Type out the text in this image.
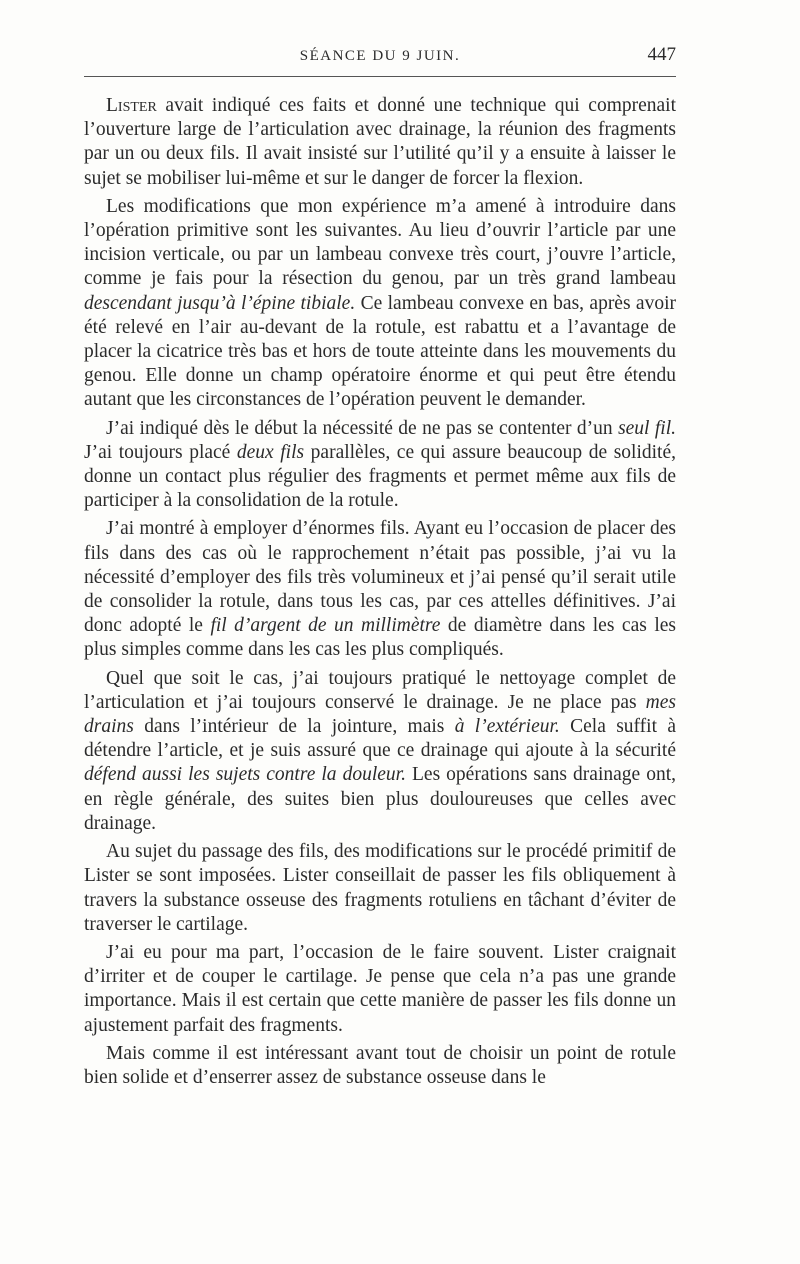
SÉANCE DU 9 JUIN.	447

Lister avait indiqué ces faits et donné une technique qui comprenait l’ouverture large de l’articulation avec drainage, la réunion des fragments par un ou deux fils. Il avait insisté sur l’utilité qu’il y a ensuite à laisser le sujet se mobiliser lui-même et sur le danger de forcer la flexion.

Les modifications que mon expérience m’a amené à introduire dans l’opération primitive sont les suivantes. Au lieu d’ouvrir l’article par une incision verticale, ou par un lambeau convexe très court, j’ouvre l’article, comme je fais pour la résection du genou, par un très grand lambeau descendant jusqu’à l’épine tibiale. Ce lambeau convexe en bas, après avoir été relevé en l’air au-devant de la rotule, est rabattu et a l’avantage de placer la cicatrice très bas et hors de toute atteinte dans les mouvements du genou. Elle donne un champ opératoire énorme et qui peut être étendu autant que les circonstances de l’opération peuvent le demander.

J’ai indiqué dès le début la nécessité de ne pas se contenter d’un seul fil. J’ai toujours placé deux fils parallèles, ce qui assure beaucoup de solidité, donne un contact plus régulier des fragments et permet même aux fils de participer à la consolidation de la rotule.

J’ai montré à employer d’énormes fils. Ayant eu l’occasion de placer des fils dans des cas où le rapprochement n’était pas possible, j’ai vu la nécessité d’employer des fils très volumineux et j’ai pensé qu’il serait utile de consolider la rotule, dans tous les cas, par ces attelles définitives. J’ai donc adopté le fil d’argent de un millimètre de diamètre dans les cas les plus simples comme dans les cas les plus compliqués.

Quel que soit le cas, j’ai toujours pratiqué le nettoyage complet de l’articulation et j’ai toujours conservé le drainage. Je ne place pas mes drains dans l’intérieur de la jointure, mais à l’extérieur. Cela suffit à détendre l’article, et je suis assuré que ce drainage qui ajoute à la sécurité défend aussi les sujets contre la douleur. Les opérations sans drainage ont, en règle générale, des suites bien plus douloureuses que celles avec drainage.

Au sujet du passage des fils, des modifications sur le procédé primitif de Lister se sont imposées. Lister conseillait de passer les fils obliquement à travers la substance osseuse des fragments rotuliens en tâchant d’éviter de traverser le cartilage.

J’ai eu pour ma part, l’occasion de le faire souvent. Lister craignait d’irriter et de couper le cartilage. Je pense que cela n’a pas une grande importance. Mais il est certain que cette manière de passer les fils donne un ajustement parfait des fragments.

Mais comme il est intéressant avant tout de choisir un point de rotule bien solide et d’enserrer assez de substance osseuse dans le
